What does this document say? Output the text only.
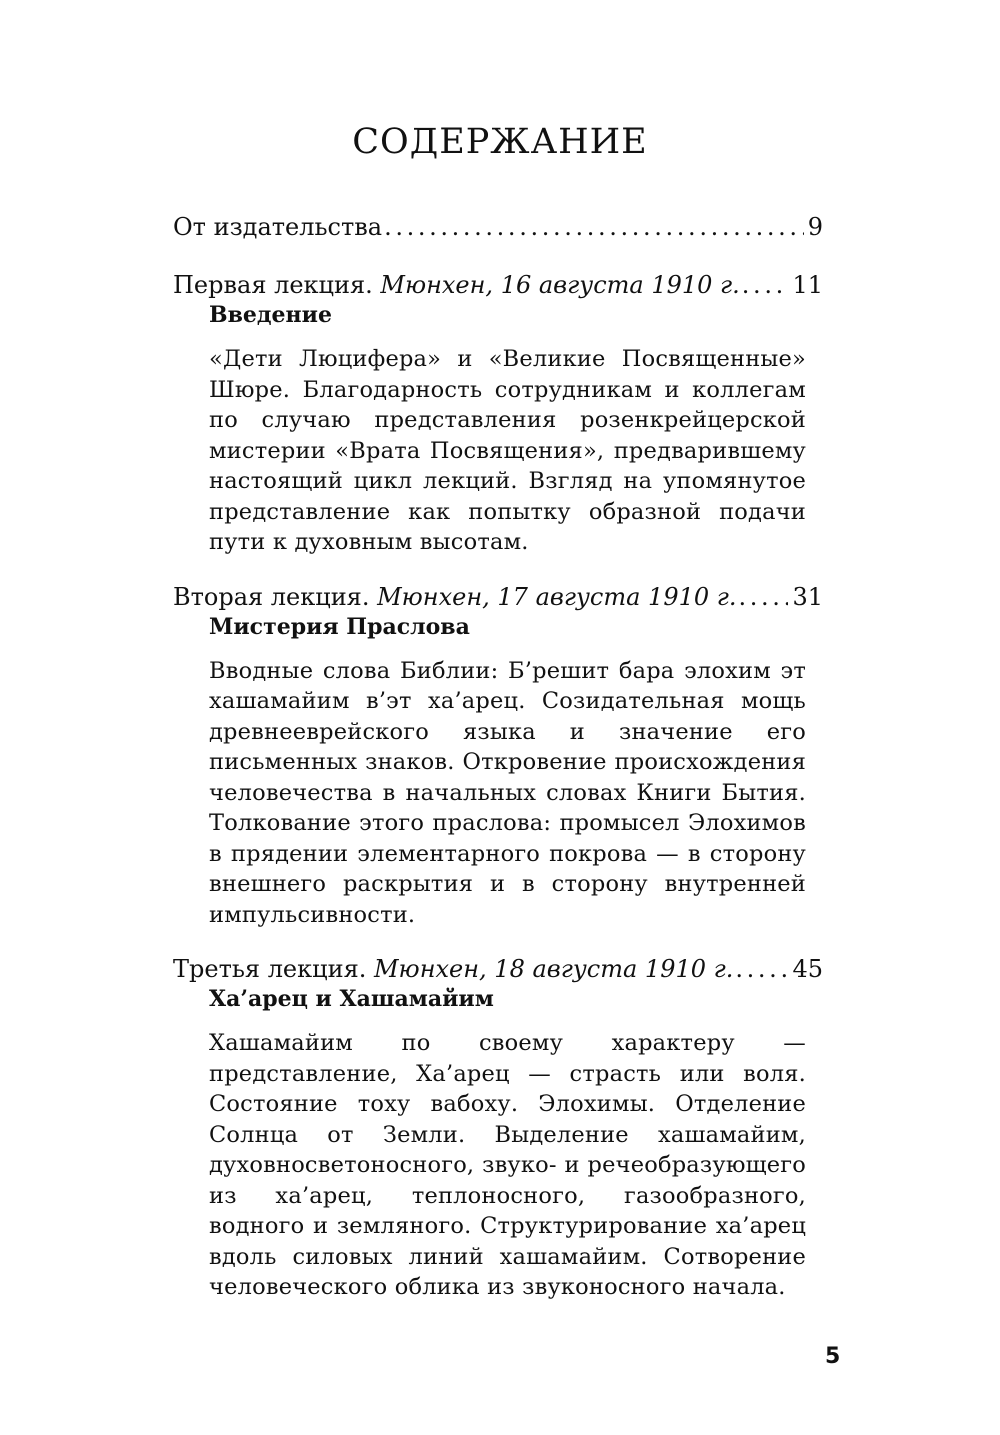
СОДЕРЖАНИЕ
От издательства . . .	9
Первая лекция.
Мюнхен, 16 августа 1910 г. . . . 11
Введение

«Дети Люцифера» и «Великие Посвященные» Шюре. Благодарность сотрудникам и коллегам по случаю представления розенкрейцерской мистерии «Врата Посвящения», предварившему настоящий цикл лекций. Взгляд на упомянутое представление как попытку образной подачи пути к духовным высотам.

Вторая лекция.
Мюнхен, 17 августа 1910 г. . . . 31
Мистерия Праслова

Вводные слова Библии: Б’решит бара элохим эт хашамайим в’эт ха’арец. Созидательная мощь древнееврейского языка и значение его письменных знаков. Откровение происхождения человечества в начальных словах Книги Бытия. Толкование этого праслова: промысел Элохимов в прядении элементарного покрова — в сторону внешнего раскрытия и в сторону внутренней импульсивности.

Третья лекция.
Мюнхен, 18 августа 1910 г. . . . 45
Ха’арец и Хашамайим

Хашамайим по своему характеру — представление, Ха’арец — страсть или воля. Состояние тоху вабоху. Элохимы. Отделение Солнца от Земли. Выделение хашамайим, духовносветоносного, звуко- и речеобразующего из ха’арец, теплоносного, газообразного, водного и земляного. Структурирование ха’арец вдоль силовых линий хашамайим. Сотворение человеческого облика из звуконосного начала.

5
